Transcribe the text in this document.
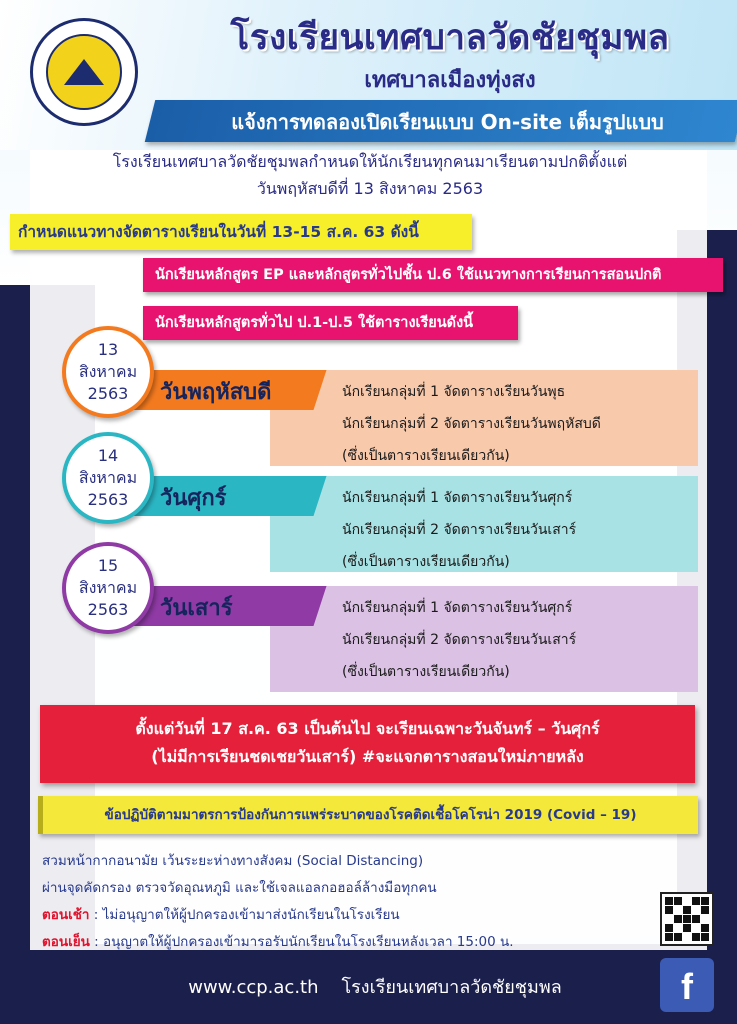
โรงเรียนเทศบาลวัดชัยชุมพล
เทศบาลเมืองทุ่งสง
แจ้งการทดลองเปิดเรียนแบบ On-site เต็มรูปแบบ
โรงเรียนเทศบาลวัดชัยชุมพลกำหนดให้นักเรียนทุกคนมาเรียนตามปกติตั้งแต่
วันพฤหัสบดีที่ 13 สิงหาคม 2563
กำหนดแนวทางจัดตารางเรียนในวันที่ 13-15 ส.ค. 63 ดังนี้
นักเรียนหลักสูตร EP และหลักสูตรทั่วไปชั้น ป.6 ใช้แนวทางการเรียนการสอนปกติ
นักเรียนหลักสูตรทั่วไป ป.1-ป.5 ใช้ตารางเรียนดังนี้
นักเรียนกลุ่มที่ 1 จัดตารางเรียนวันพุธ
นักเรียนกลุ่มที่ 2 จัดตารางเรียนวันพฤหัสบดี
(ซึ่งเป็นตารางเรียนเดียวกัน)
13
สิงหาคม
2563 วันพฤหัสบดี
นักเรียนกลุ่มที่ 1 จัดตารางเรียนวันศุกร์
นักเรียนกลุ่มที่ 2 จัดตารางเรียนวันเสาร์
(ซึ่งเป็นตารางเรียนเดียวกัน)
14
สิงหาคม
2563 วันศุกร์
นักเรียนกลุ่มที่ 1 จัดตารางเรียนวันศุกร์
นักเรียนกลุ่มที่ 2 จัดตารางเรียนวันเสาร์
(ซึ่งเป็นตารางเรียนเดียวกัน)
15
สิงหาคม
2563 วันเสาร์
ตั้งแต่วันที่ 17 ส.ค. 63 เป็นต้นไป จะเรียนเฉพาะวันจันทร์ – วันศุกร์
(ไม่มีการเรียนชดเชยวันเสาร์) #จะแจกตารางสอนใหม่ภายหลัง
ข้อปฏิบัติตามมาตรการป้องกันการแพร่ระบาดของโรคติดเชื้อโคโรน่า 2019 (Covid – 19)
สวมหน้ากากอนามัย เว้นระยะห่างทางสังคม (Social Distancing)
ผ่านจุดคัดกรอง ตรวจวัดอุณหภูมิ และใช้เจลแอลกอฮอล์ล้างมือทุกคน
ตอนเช้า : ไม่อนุญาตให้ผู้ปกครองเข้ามาส่งนักเรียนในโรงเรียน
ตอนเย็น : อนุญาตให้ผู้ปกครองเข้ามารอรับนักเรียนในโรงเรียนหลังเวลา 15:00 น.
f
www.ccp.ac.th โรงเรียนเทศบาลวัดชัยชุมพล
